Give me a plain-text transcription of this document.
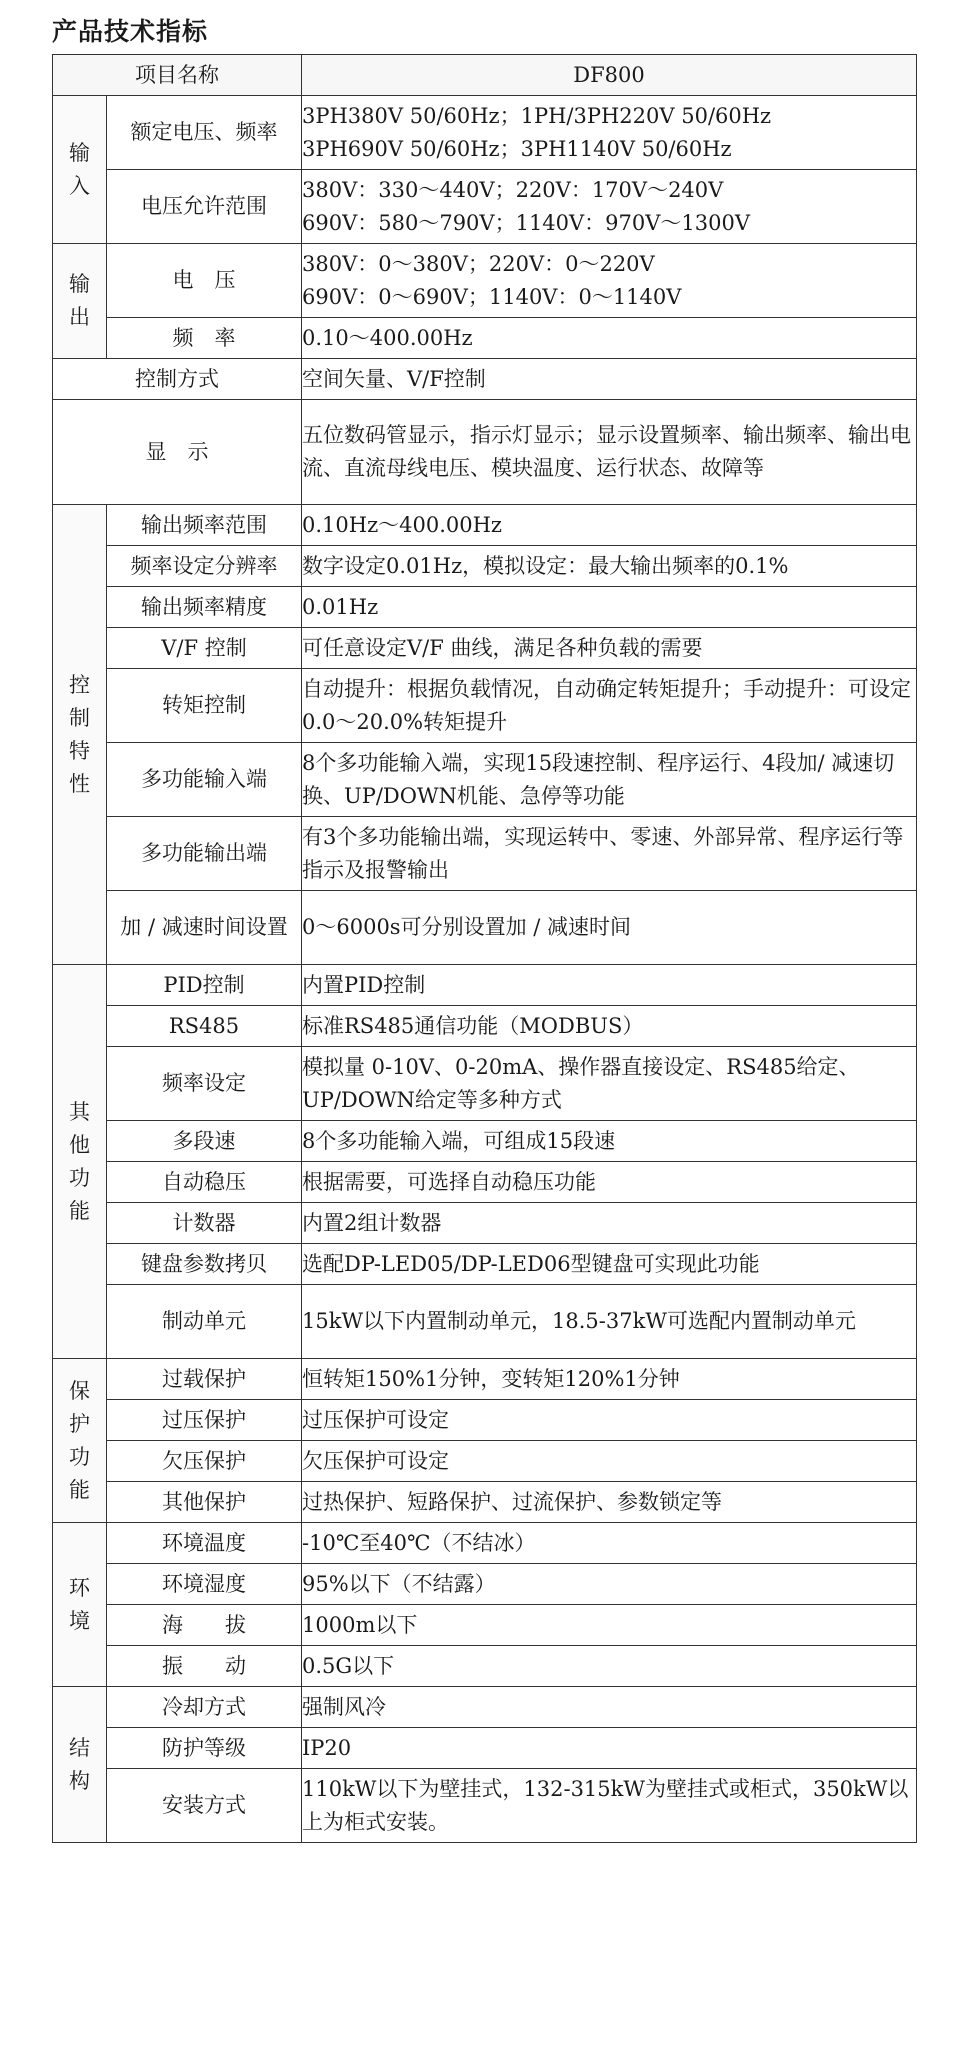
产品技术指标
项目名称		DF800

输入	额定电压、频率	3PH380V 50/60Hz；1PH/3PH220V 50/60Hz
3PH690V 50/60Hz；3PH1140V 50/60Hz

	电压允许范围	380V：330～440V；220V：170V～240V
690V：580～790V；1140V：970V～1300V

输出	电　压	380V：0～380V；220V：0～220V
690V：0～690V；1140V：0～1140V

	频　率	0.10～400.00Hz
控制方式		空间矢量、V/F控制
显　示		五位数码管显示，指示灯显示；显示设置频率、输出频率、输出电流、直流母线电压、模块温度、运行状态、故障等

控制特性	输出频率范围	0.10Hz～400.00Hz
	频率设定分辨率	数字设定0.01Hz，模拟设定：最大输出频率的0.1%
	输出频率精度	0.01Hz
	V/F 控制	可任意设定V/F 曲线，满足各种负载的需要
	转矩控制	自动提升：根据负载情况，自动确定转矩提升；手动提升：可设定0.0～20.0%转矩提升
	多功能输入端	8个多功能输入端，实现15段速控制、程序运行、4段加/ 减速切换、UP/DOWN机能、急停等功能
	多功能输出端	有3个多功能输出端，实现运转中、零速、外部异常、程序运行等指示及报警输出
	加 / 减速时间设置	0～6000s可分别设置加 / 减速时间

其他功能	PID控制	内置PID控制
	RS485	标准RS485通信功能（MODBUS）
	频率设定	模拟量 0-10V、0-20mA、操作器直接设定、RS485给定、UP/DOWN给定等多种方式
	多段速	8个多功能输入端，可组成15段速
	自动稳压	根据需要，可选择自动稳压功能
	计数器	内置2组计数器
	键盘参数拷贝	选配DP-LED05/DP-LED06型键盘可实现此功能
	制动单元	15kW以下内置制动单元，18.5-37kW可选配内置制动单元

保护功能	过载保护	恒转矩150%1分钟，变转矩120%1分钟
	过压保护	过压保护可设定
	欠压保护	欠压保护可设定
	其他保护	过热保护、短路保护、过流保护、参数锁定等

环境	环境温度	-10℃至40℃（不结冰）
	环境湿度	95%以下（不结露）
	海　　拔	1000m以下
	振　　动	0.5G以下

结构	冷却方式	强制风冷
	防护等级	IP20
	安装方式	110kW以下为壁挂式，132-315kW为壁挂式或柜式，350kW以上为柜式安装。
